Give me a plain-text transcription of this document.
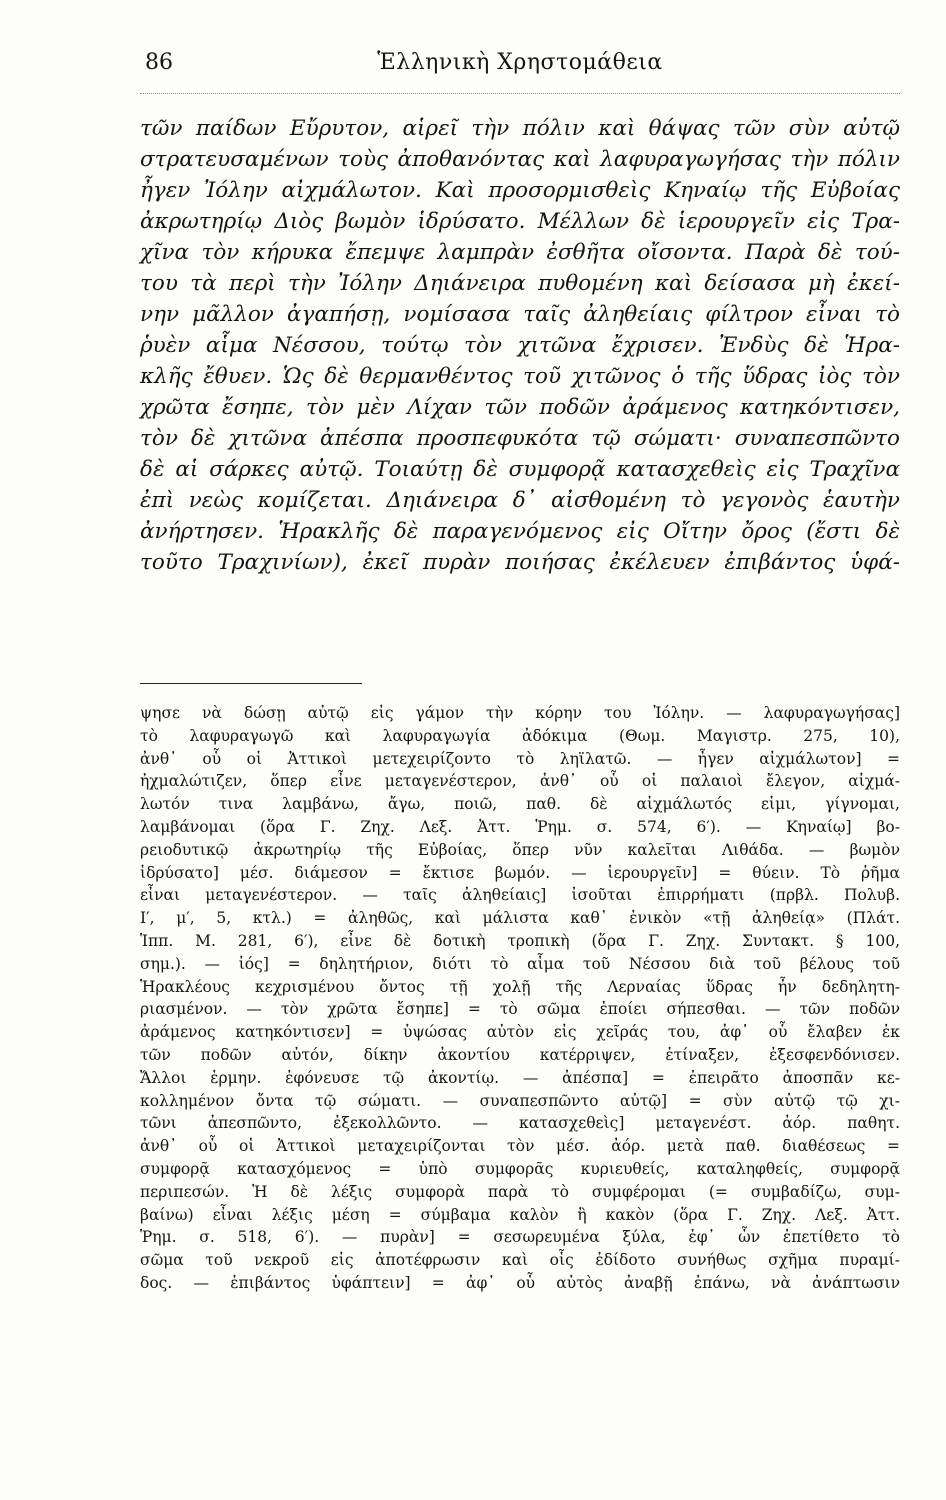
86	Ἑλληνικὴ Χρηστομάθεια
τῶν παίδων Εὔρυτον, αἱρεῖ τὴν πόλιν καὶ θάψας τῶν σὺν αὐτῷ
στρατευσαμένων τοὺς ἀποθανόντας καὶ λαφυραγωγήσας τὴν πόλιν
ἦγεν Ἰόλην αἰχμάλωτον. Καὶ προσορμισθεὶς Κηναίῳ τῆς Εὐβοίας
ἀκρωτηρίῳ Διὸς βωμὸν ἱδρύσατο. Μέλλων δὲ ἱερουργεῖν εἰς Τρα-
χῖνα τὸν κήρυκα ἔπεμψε λαμπρὰν ἐσθῆτα οἴσοντα. Παρὰ δὲ τού-
του τὰ περὶ τὴν Ἰόλην Δηιάνειρα πυθομένη καὶ δείσασα μὴ ἐκεί-
νην μᾶλλον ἀγαπήσῃ, νομίσασα ταῖς ἀληθείαις φίλτρον εἶναι τὸ
ῥυὲν αἷμα Νέσσου, τούτῳ τὸν χιτῶνα ἔχρισεν. Ἐνδὺς δὲ Ἡρα-
κλῆς ἔθυεν. Ὡς δὲ θερμανθέντος τοῦ χιτῶνος ὁ τῆς ὕδρας ἰὸς τὸν
χρῶτα ἔσηπε, τὸν μὲν Λίχαν τῶν ποδῶν ἀράμενος κατηκόντισεν,
τὸν δὲ χιτῶνα ἀπέσπα προσπεφυκότα τῷ σώματι· συναπεσπῶντο
δὲ αἱ σάρκες αὐτῷ. Τοιαύτῃ δὲ συμφορᾷ κατασχεθεὶς εἰς Τραχῖνα
ἐπὶ νεὼς κομίζεται. Δηιάνειρα δ᾽ αἰσθομένη τὸ γεγονὸς ἑαυτὴν
ἀνήρτησεν. Ἡρακλῆς δὲ παραγενόμενος εἰς Οἴτην ὄρος (ἔστι δὲ
τοῦτο Τραχινίων), ἐκεῖ πυρὰν ποιήσας ἐκέλευεν ἐπιβάντος ὑφά-
ψησε νὰ δώσῃ αὐτῷ εἰς γάμον τὴν κόρην του Ἰόλην. — λαφυραγωγήσας]
τὸ λαφυραγωγῶ καὶ λαφυραγωγία ἀδόκιμα (Θωμ. Μαγιστρ. 275, 10),
ἀνθ᾽ οὗ οἱ Ἀττικοὶ μετεχειρίζοντο τὸ ληϊλατῶ. — ἦγεν αἰχμάλωτον] =
ἠχμαλώτιζεν, ὅπερ εἶνε μεταγενέστερον, ἀνθ᾽ οὗ οἱ παλαιοὶ ἔλεγον, αἰχμά-
λωτόν τινα λαμβάνω, ἄγω, ποιῶ, παθ. δὲ αἰχμάλωτός εἰμι, γίγνομαι,
λαμβάνομαι (ὅρα Γ. Ζηχ. Λεξ. Ἀττ. Ῥημ. σ. 574, 6′). — Κηναίῳ] βο-
ρειοδυτικῷ ἀκρωτηρίῳ τῆς Εὐβοίας, ὅπερ νῦν καλεῖται Λιθάδα. — βωμὸν
ἱδρύσατο] μέσ. διάμεσον = ἔκτισε βωμόν. — ἱερουργεῖν] = θύειν. Τὸ ῥῆμα
εἶναι μεταγενέστερον. — ταῖς ἀληθείαις] ἰσοῦται ἐπιρρήματι (πρβλ. Πολυβ.
Ι′, μ′, 5, κτλ.) = ἀληθῶς, καὶ μάλιστα καθ᾽ ἑνικὸν «τῇ ἀληθείᾳ» (Πλάτ.
Ἱππ. Μ. 281, 6′), εἶνε δὲ δοτικὴ τροπικὴ (ὅρα Γ. Ζηχ. Συντακτ. § 100,
σημ.). — ἰός] = δηλητήριον, διότι τὸ αἷμα τοῦ Νέσσου διὰ τοῦ βέλους τοῦ
Ἡρακλέους κεχρισμένου ὄντος τῇ χολῇ τῆς Λερναίας ὕδρας ἦν δεδηλητη-
ριασμένον. — τὸν χρῶτα ἔσηπε] = τὸ σῶμα ἐποίει σήπεσθαι. — τῶν ποδῶν
ἀράμενος κατηκόντισεν] = ὑψώσας αὐτὸν εἰς χεῖράς του, ἀφ᾽ οὗ ἔλαβεν ἐκ
τῶν ποδῶν αὐτόν, δίκην ἀκοντίου κατέρριψεν, ἐτίναξεν, ἐξεσφενδόνισεν.
Ἄλλοι ἑρμην. ἐφόνευσε τῷ ἀκοντίῳ. — ἀπέσπα] = ἐπειρᾶτο ἀποσπᾶν κε-
κολλημένον ὄντα τῷ σώματι. — συναπεσπῶντο αὐτῷ] = σὺν αὐτῷ τῷ χι-
τῶνι ἀπεσπῶντο, ἐξεκολλῶντο. — κατασχεθεὶς] μεταγενέστ. ἀόρ. παθητ.
ἀνθ᾽ οὗ οἱ Ἀττικοὶ μεταχειρίζονται τὸν μέσ. ἀόρ. μετὰ παθ. διαθέσεως =
συμφορᾷ κατασχόμενος = ὑπὸ συμφορᾶς κυριευθείς, καταληφθείς, συμφορᾷ
περιπεσών. Ἡ δὲ λέξις συμφορὰ παρὰ τὸ συμφέρομαι (= συμβαδίζω, συμ-
βαίνω) εἶναι λέξις μέση = σύμβαμα καλὸν ἢ κακὸν (ὅρα Γ. Ζηχ. Λεξ. Ἀττ.
Ῥημ. σ. 518, 6′). — πυρὰν] = σεσωρευμένα ξύλα, ἐφ᾽ ὧν ἐπετίθετο τὸ
σῶμα τοῦ νεκροῦ εἰς ἀποτέφρωσιν καὶ οἷς ἐδίδοτο συνήθως σχῆμα πυραμί-
δος. — ἐπιβάντος ὑφάπτειν] = ἀφ᾽ οὗ αὐτὸς ἀναβῇ ἐπάνω, νὰ ἀνάπτωσιν
